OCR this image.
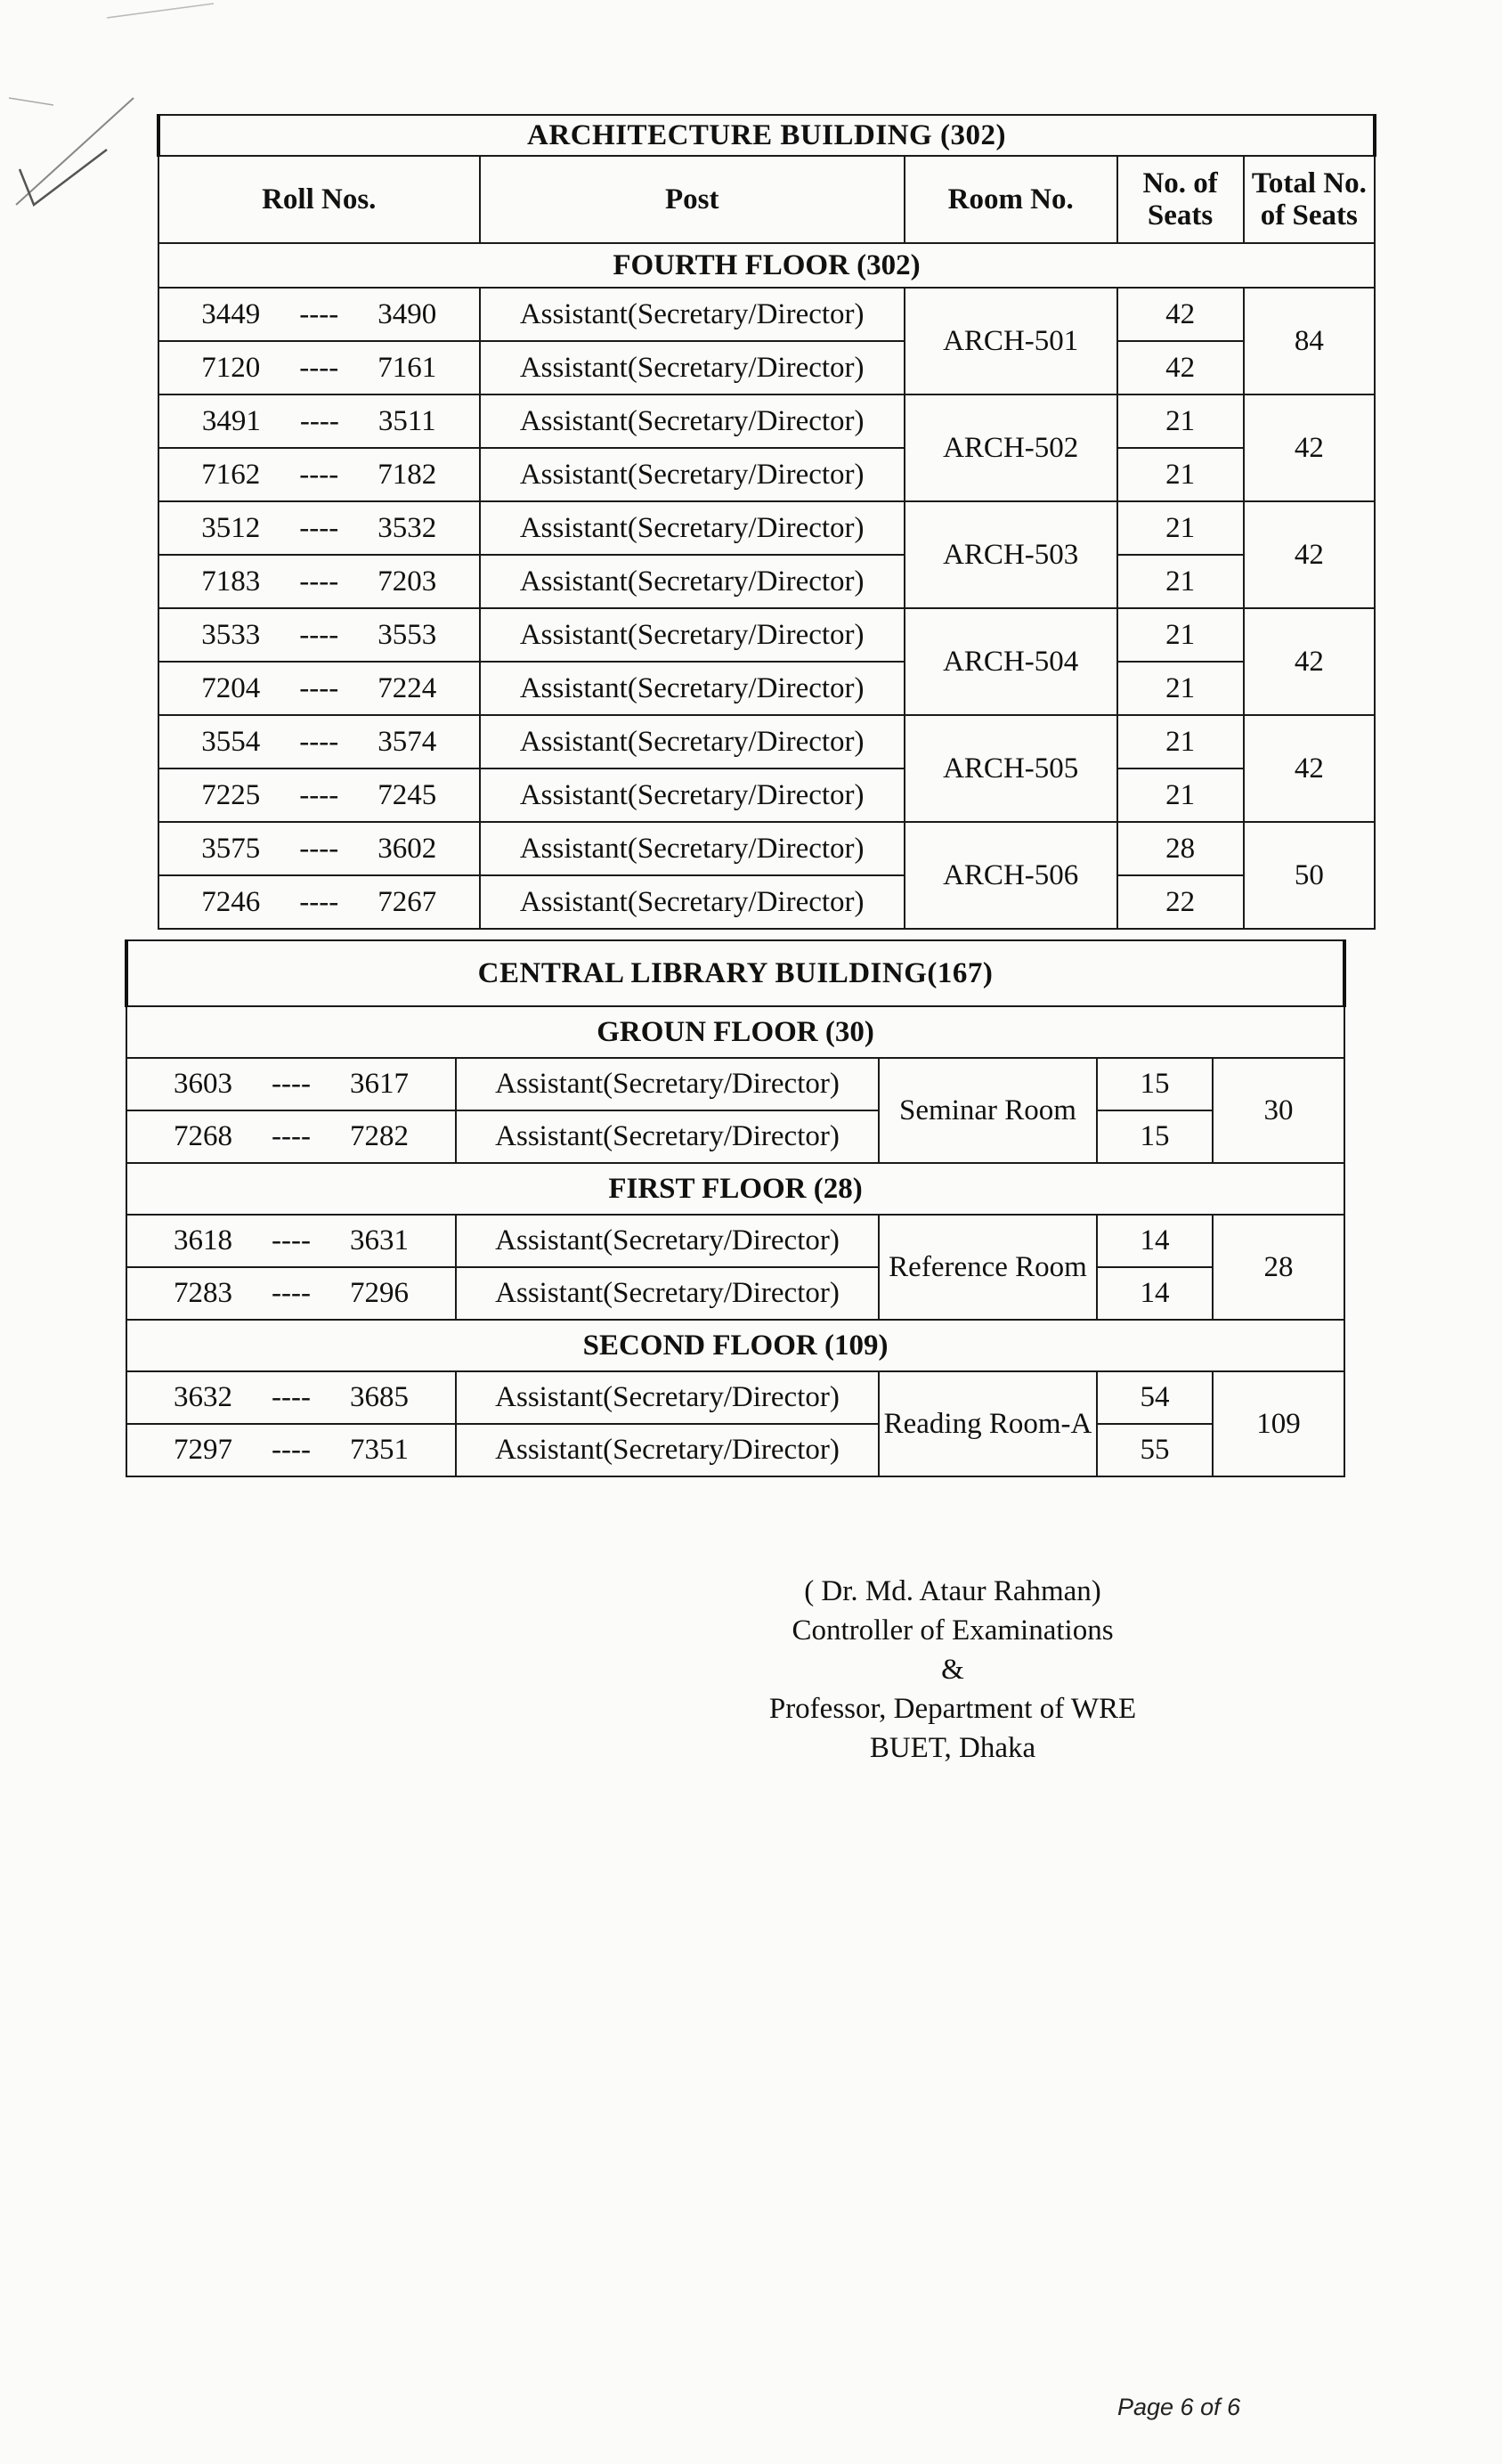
ARCHITECTURE BUILDING (302)				
Roll Nos.	Post	Room No.	No. of Seats	Total No. of Seats
FOURTH FLOOR (302)				
3449 ---- 3490	Assistant(Secretary/Director)	ARCH-501	42	84
7120 ---- 7161	Assistant(Secretary/Director)		42	
3491 ---- 3511	Assistant(Secretary/Director)	ARCH-502	21	42
7162 ---- 7182	Assistant(Secretary/Director)		21	
3512 ---- 3532	Assistant(Secretary/Director)	ARCH-503	21	42
7183 ---- 7203	Assistant(Secretary/Director)		21	
3533 ---- 3553	Assistant(Secretary/Director)	ARCH-504	21	42
7204 ---- 7224	Assistant(Secretary/Director)		21	
3554 ---- 3574	Assistant(Secretary/Director)	ARCH-505	21	42
7225 ---- 7245	Assistant(Secretary/Director)		21	
3575 ---- 3602	Assistant(Secretary/Director)	ARCH-506	28	50
7246 ---- 7267	Assistant(Secretary/Director)		22	
CENTRAL LIBRARY BUILDING(167)				
GROUN FLOOR (30)				
3603 ---- 3617	Assistant(Secretary/Director)	Seminar Room	15	30
7268 ---- 7282	Assistant(Secretary/Director)		15	
FIRST FLOOR (28)				
3618 ---- 3631	Assistant(Secretary/Director)	Reference Room	14	28
7283 ---- 7296	Assistant(Secretary/Director)		14	
SECOND FLOOR (109)				
3632 ---- 3685	Assistant(Secretary/Director)	Reading Room-A	54	109
7297 ---- 7351	Assistant(Secretary/Director)		55	
( Dr. Md. Ataur Rahman)
Controller of Examinations
&
Professor, Department of WRE
BUET, Dhaka
Page 6 of 6
